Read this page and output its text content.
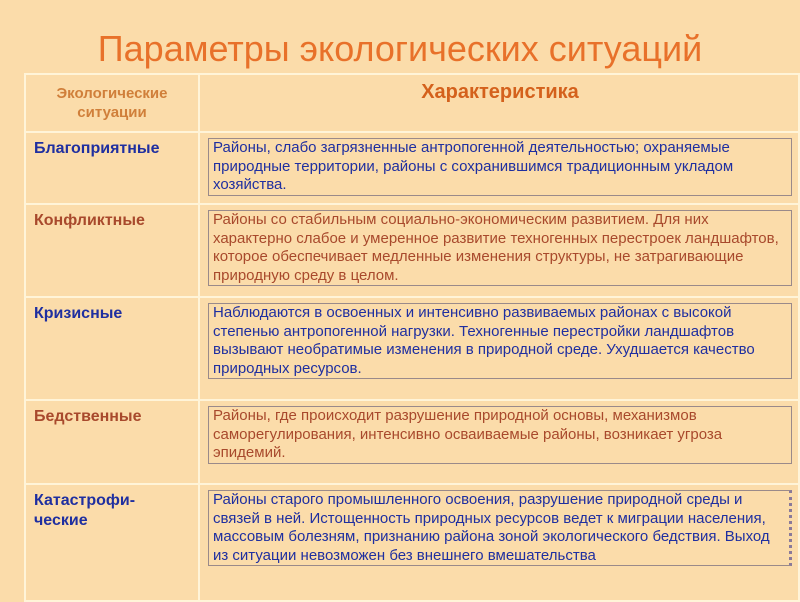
Параметры экологических ситуаций
Экологические
ситуации	Характеристика

Благоприятные	Районы, слабо загрязненные антропогенной деятельностью; охраняемые природные территории, районы с сохранившимся традиционным укладом хозяйства.

Конфликтные	Районы со стабильным социально-экономическим развитием. Для них характерно слабое и умеренное развитие техногенных перестроек ландшафтов, которое обеспечивает медленные изменения структуры, не затрагивающие природную среду в целом.

Кризисные	Наблюдаются в освоенных и интенсивно развиваемых районах с высокой степенью антропогенной нагрузки. Техногенные перестройки ландшафтов вызывают необратимые изменения в природной среде. Ухудшается качество природных ресурсов.

Бедственные	Районы, где происходит разрушение природной основы, механизмов саморегулирования, интенсивно осваиваемые районы, возникает угроза эпидемий.

Катастрофи-
ческие	Районы старого промышленного освоения, разрушение природной среды и связей в ней. Истощенность природных ресурсов ведет к миграции населения, массовым болезням, признанию района зоной экологического бедствия. Выход из ситуации невозможен без внешнего вмешательства
